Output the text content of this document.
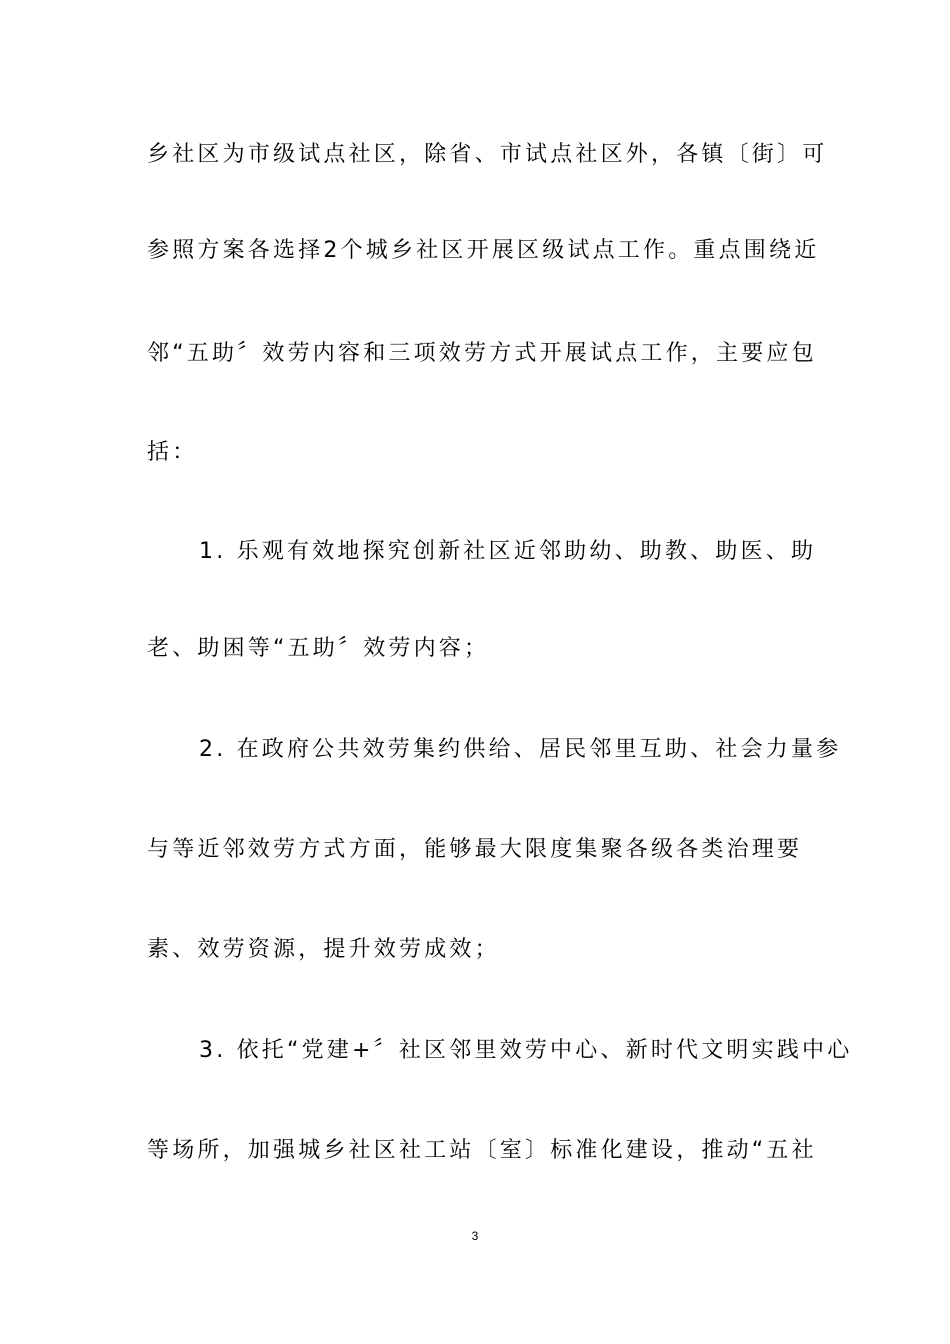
乡社区为市级试点社区，除省、市试点社区外，各镇〔街〕可
参照方案各选择2个城乡社区开展区级试点工作。重点围绕近
邻“五助〞效劳内容和三项效劳方式开展试点工作，主要应包
括：
1. 乐观有效地探究创新社区近邻助幼、助教、助医、助
老、助困等“五助〞效劳内容；
2. 在政府公共效劳集约供给、居民邻里互助、社会力量参
与等近邻效劳方式方面，能够最大限度集聚各级各类治理要
素、效劳资源，提升效劳成效；
3. 依托“党建+〞社区邻里效劳中心、新时代文明实践中心
等场所，加强城乡社区社工站〔室〕标准化建设，推动“五社
3
